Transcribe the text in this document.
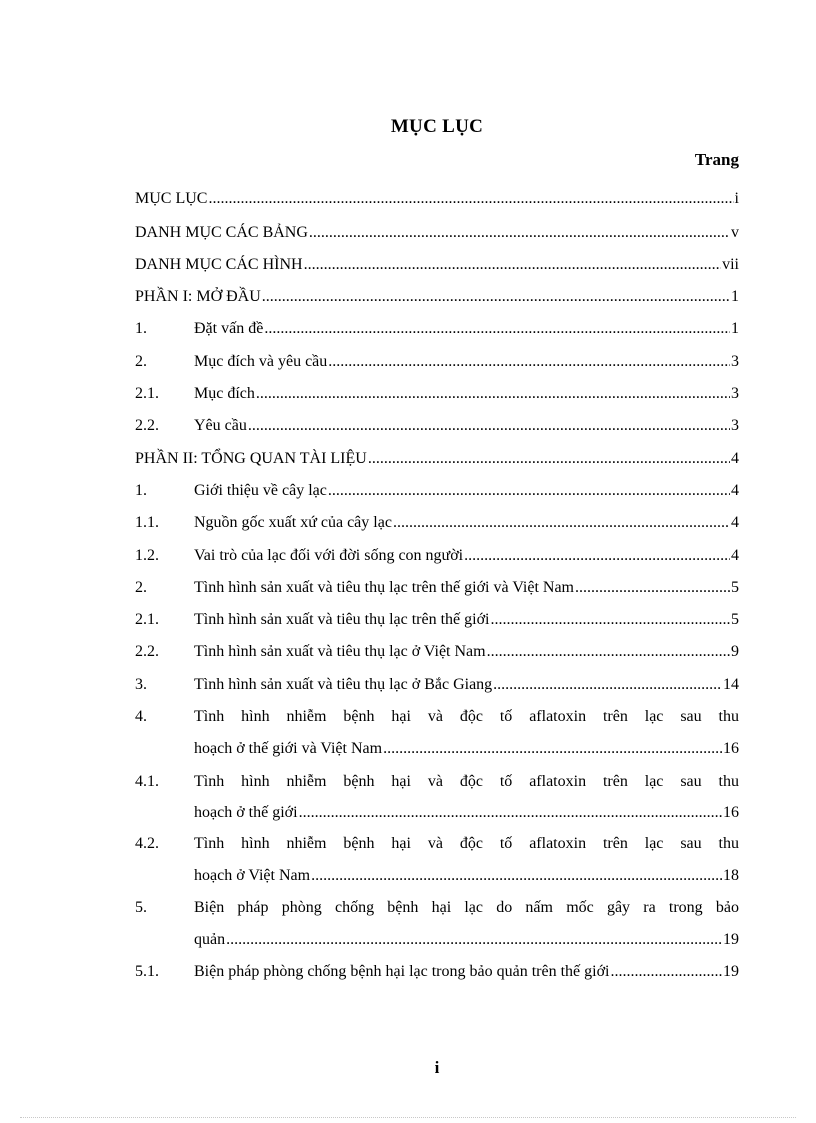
MỤC LỤC
Trang
MỤC LỤC .....	i
DANH MỤC CÁC BẢNG .....	v
DANH MỤC CÁC HÌNH .....	vii
PHẦN I: MỞ ĐẦU .....	1
1.	Đặt vấn đề .....	1
2.	Mục đích và yêu cầu .....	3
2.1.	Mục đích .....	3
2.2.	Yêu cầu .....	3
PHẦN II: TỔNG QUAN TÀI LIỆU .....	4
1.	Giới thiệu về cây lạc .....	4
1.1.	Nguồn gốc xuất xứ của cây lạc .....	4
1.2.	Vai trò của lạc đối với đời sống con người .....	4
2.	Tình hình sản xuất và tiêu thụ lạc trên thế giới và Việt Nam .....	5
2.1.	Tình hình sản xuất và tiêu thụ lạc trên thế giới .....	5
2.2.	Tình hình sản xuất và tiêu thụ lạc ở Việt Nam .....	9
3.	Tình hình sản xuất và tiêu thụ lạc ở Bắc Giang .....	14
4.	Tình hình nhiễm bệnh hại và độc tố aflatoxin trên lạc sau thu
hoạch ở thế giới và Việt Nam .....	16
4.1. Tình hình nhiễm bệnh hại và độc tố aflatoxin trên lạc sau thu
hoạch ở thế giới .....	16
4.2. Tình hình nhiễm bệnh hại và độc tố aflatoxin trên lạc sau thu
hoạch ở Việt Nam .....	18
5.	Biện pháp phòng chống bệnh hại lạc do nấm mốc gây ra trong bảo
quản .....	19
5.1.	Biện pháp phòng chống bệnh hại lạc trong bảo quản trên thế giới .....	19
i
